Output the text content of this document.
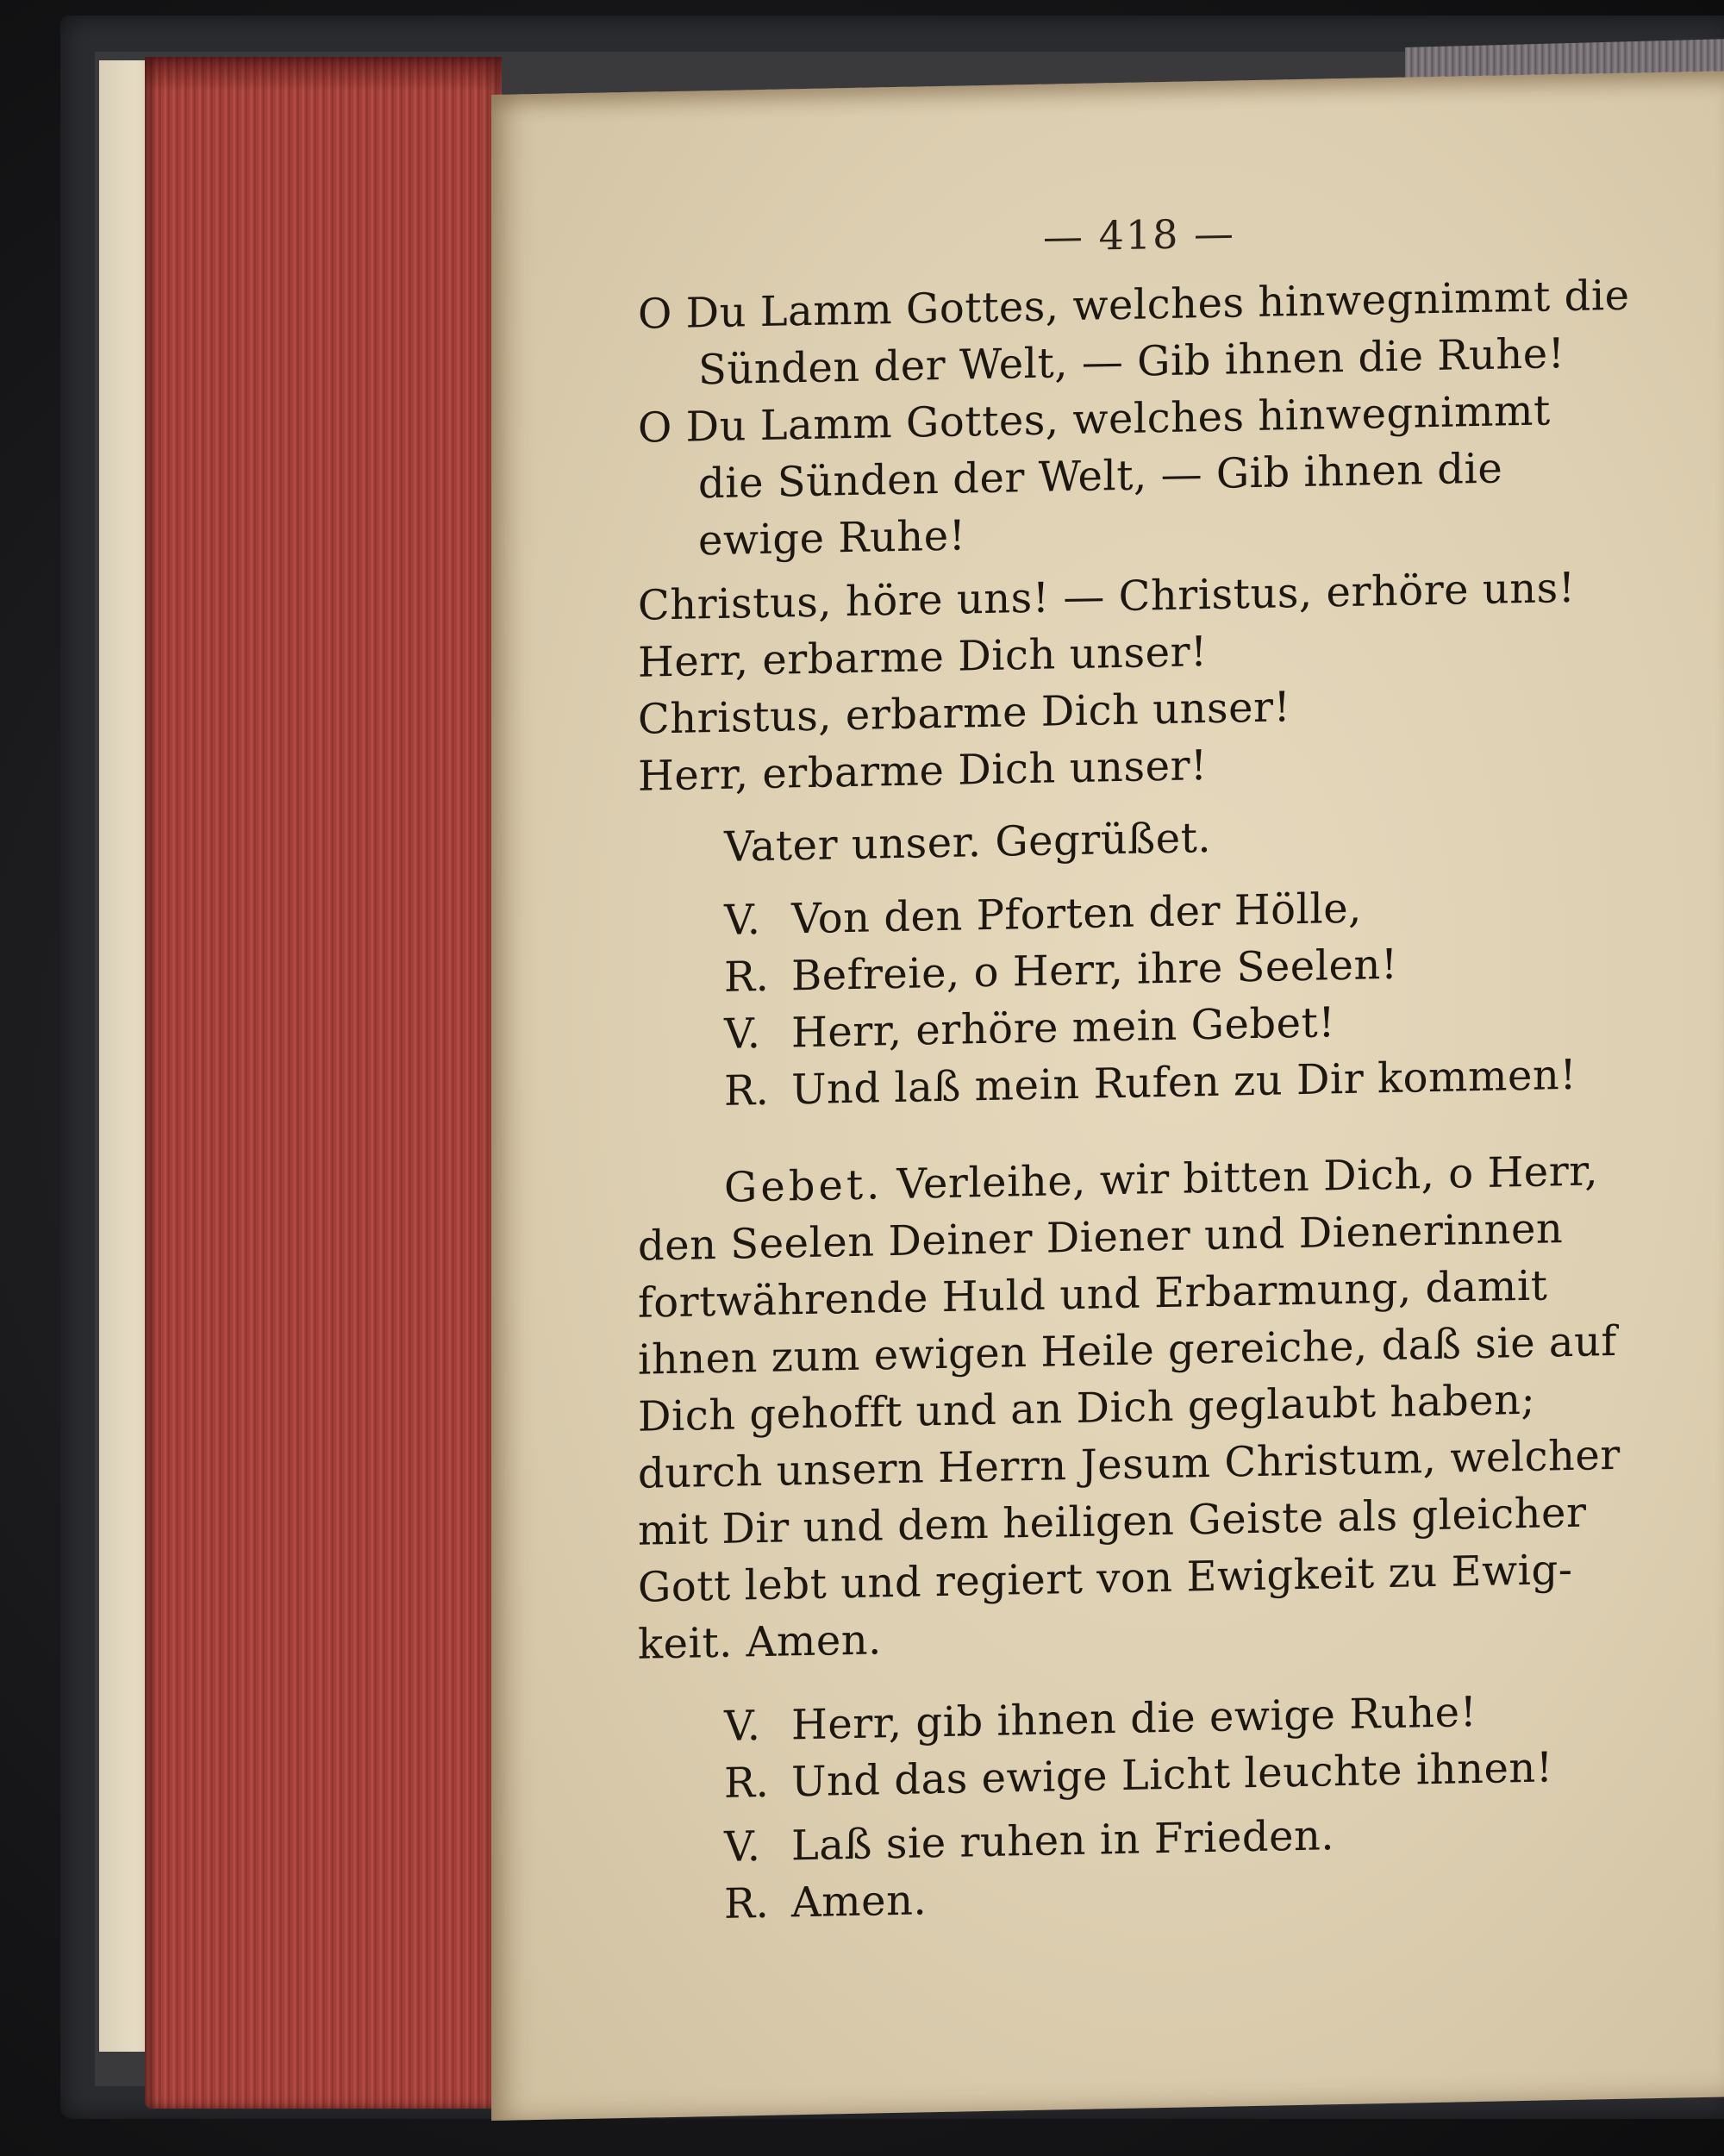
— 418 —
O Du Lamm Gottes, welches hinwegnimmt die
Sünden der Welt, — Gib ihnen die Ruhe!
O Du Lamm Gottes, welches hinwegnimmt
die Sünden der Welt, — Gib ihnen die
ewige Ruhe!
Christus, höre uns! — Christus, erhöre uns!
Herr, erbarme Dich unser!
Christus, erbarme Dich unser!
Herr, erbarme Dich unser!
Vater unser. Gegrüßet.
V. Von den Pforten der Hölle,
R. Befreie, o Herr, ihre Seelen!
V. Herr, erhöre mein Gebet!
R. Und laß mein Rufen zu Dir kommen!
Gebet. Verleihe, wir bitten Dich, o Herr,
den Seelen Deiner Diener und Dienerinnen
fortwährende Huld und Erbarmung, damit
ihnen zum ewigen Heile gereiche, daß sie auf
Dich gehofft und an Dich geglaubt haben;
durch unsern Herrn Jesum Christum, welcher
mit Dir und dem heiligen Geiste als gleicher
Gott lebt und regiert von Ewigkeit zu Ewig-
keit. Amen.
V. Herr, gib ihnen die ewige Ruhe!
R. Und das ewige Licht leuchte ihnen!
V. Laß sie ruhen in Frieden.
R. Amen.
